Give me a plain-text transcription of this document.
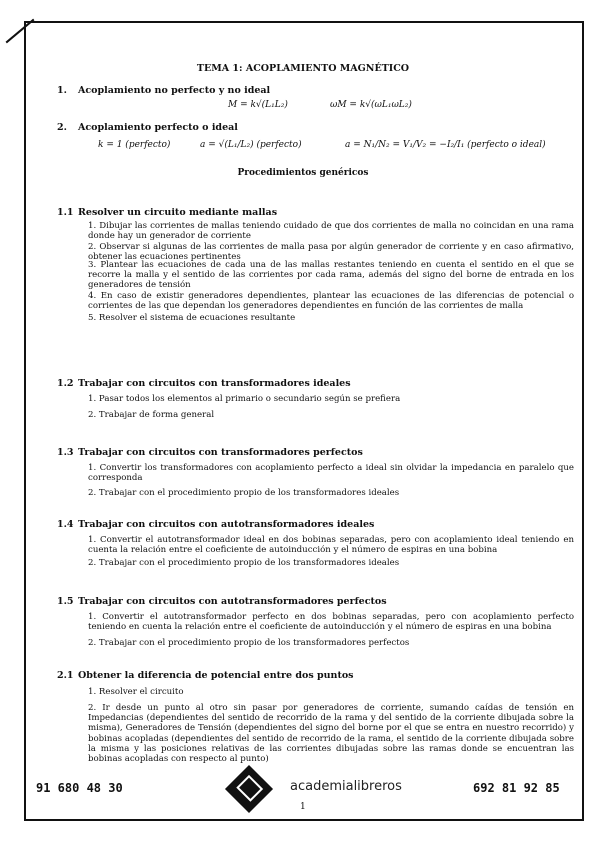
TEMA 1: ACOPLAMIENTO MAGNÉTICO
1. Acoplamiento no perfecto y no ideal
M = k√(L₁L₂)	ωM = k√(ωL₁ωL₂)
2. Acoplamiento perfecto o ideal
k = 1 (perfecto)	a = √(L₁/L₂) (perfecto)	a = N₁/N₂ = V₁/V₂ = −I₂/I₁ (perfecto o ideal)
Procedimientos genéricos
1.1 Resolver un circuito mediante mallas
1. Dibujar las corrientes de mallas teniendo cuidado de que dos corrientes de malla no coincidan en una rama donde hay un generador de corriente
2. Observar si algunas de las corrientes de malla pasa por algún generador de corriente y en caso afirmativo, obtener las ecuaciones pertinentes
3. Plantear las ecuaciones de cada una de las mallas restantes teniendo en cuenta el sentido en el que se recorre la malla y el sentido de las corrientes por cada rama, además del signo del borne de entrada en los generadores de tensión
4. En caso de existir generadores dependientes, plantear las ecuaciones de las diferencias de potencial o corrientes de las que dependan los generadores dependientes en función de las corrientes de malla
5. Resolver el sistema de ecuaciones resultante
1.2 Trabajar con circuitos con transformadores ideales
1. Pasar todos los elementos al primario o secundario según se prefiera
2. Trabajar de forma general
1.3 Trabajar con circuitos con transformadores perfectos
1. Convertir los transformadores con acoplamiento perfecto a ideal sin olvidar la impedancia en paralelo que corresponda
2. Trabajar con el procedimiento propio de los transformadores ideales
1.4 Trabajar con circuitos con autotransformadores ideales
1. Convertir el autotransformador ideal en dos bobinas separadas, pero con acoplamiento ideal teniendo en cuenta la relación entre el coeficiente de autoinducción y el número de espiras en una bobina
2. Trabajar con el procedimiento propio de los transformadores ideales
1.5 Trabajar con circuitos con autotransformadores perfectos
1. Convertir el autotransformador perfecto en dos bobinas separadas, pero con acoplamiento perfecto teniendo en cuenta la relación entre el coeficiente de autoinducción y el número de espiras en una bobina
2. Trabajar con el procedimiento propio de los transformadores perfectos
2.1 Obtener la diferencia de potencial entre dos puntos
1. Resolver el circuito
2. Ir desde un punto al otro sin pasar por generadores de corriente, sumando caídas de tensión en Impedancias (dependientes del sentido de recorrido de la rama y del sentido de la corriente dibujada sobre la misma), Generadores de Tensión (dependientes del signo del borne por el que se entra en nuestro recorrido) y bobinas acopladas (dependientes del sentido de recorrido de la rama, el sentido de la corriente dibujada sobre la misma y las posiciones relativas de las corrientes dibujadas sobre las ramas donde se encuentran las bobinas acopladas con respecto al punto)
91 680 48 30	academialibreros	692 81 92 85
1
